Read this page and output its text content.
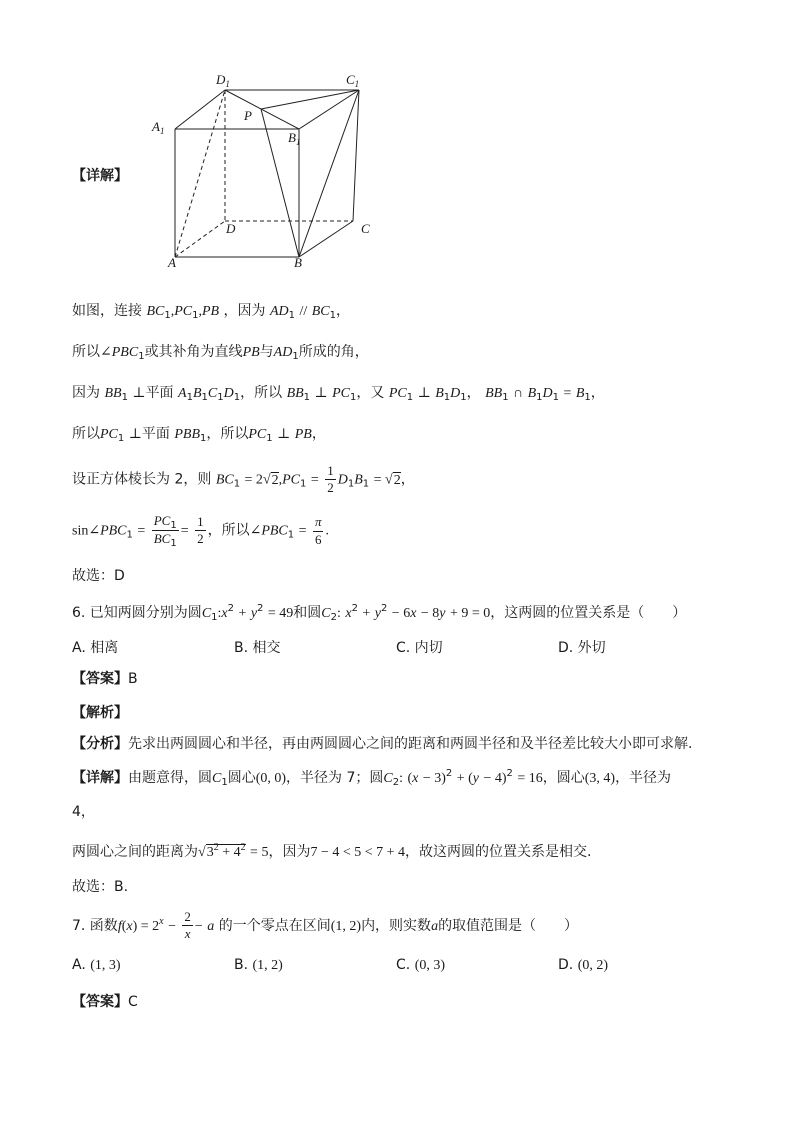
$D_1$	$C_1$
$A_1$	$B_1$
P
D	C
A	B
【详解】
如图，连接 $BC_1,PC_1,PB$ ，因为 $AD_1 // BC_1$，
所以$\angle PBC_1$或其补角为直线PB与$AD_1$所成的角，
因为 $BB_1$ ⊥平面 $A_1B_1C_1D_1$，所以 $BB_1$ ⊥ $PC_1$，又 $PC_1$ ⊥ $B_1D_1$， $BB_1$ ∩ $B_1D_1 = B_1$，
所以$PC_1$ ⊥平面 $PBB_1$，所以$PC_1$ ⊥ PB，
设正方体棱长为 2，则 $BC_1 = 2√2,PC_1 = \frac{1}{2} D_1B_1 = √2$，
$\sin\angle PBC_1 = \frac{PC_1}{BC_1} = \frac{1}{2}$ ，所以$\angle PBC_1 = \frac{\pi}{6}$ .
故选：D
6. 已知两圆分别为圆$C_1:x^2 + y^2 = 49$和圆$C_2$: $x^2 + y^2 - 6x - 8y + 9 = 0$，这两圆的位置关系是（　　）
A. 相离	B. 相交	C. 内切	D. 外切
【答案】B
【解析】
【分析】先求出两圆圆心和半径，再由两圆圆心之间的距离和两圆半径和及半径差比较大小即可求解.
【详解】由题意得，圆$C_1$圆心(0, 0)，半径为 7；圆$C_2$: $(x - 3)^2 + (y - 4)^2 = 16$，圆心(3, 4)，半径为
4，
两圆心之间的距离为$√3^2 + 4^2 = 5$，因为7 − 4 < 5 < 7 + 4，故这两圆的位置关系是相交.
故选：B.
7. 函数$f(x) = 2^x - \frac{2}{x} - a$ 的一个零点在区间(1, 2)内，则实数a的取值范围是（　　）
A. (1, 3)	B. (1, 2)	C. (0, 3)	D. (0, 2)
【答案】C
